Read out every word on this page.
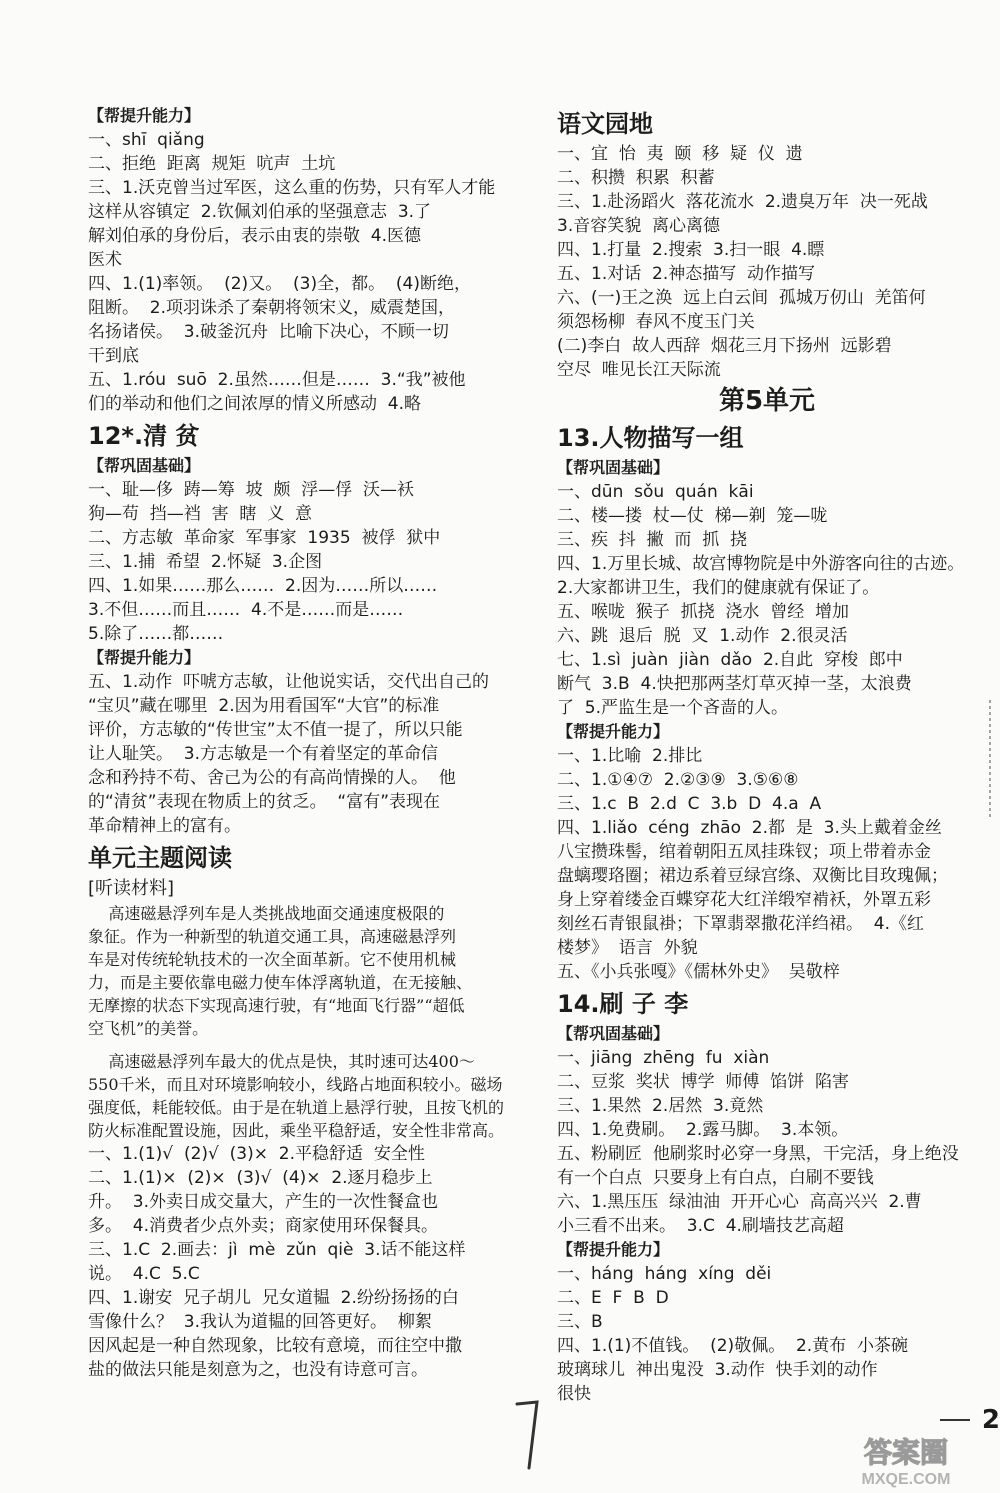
【帮提升能力】
一、shī  qiǎng
二、拒绝  距离  规矩  吭声  土坑
三、1.沃克曾当过军医，这么重的伤势，只有军人才能
这样从容镇定  2.钦佩刘伯承的坚强意志  3.了
解刘伯承的身份后，表示由衷的崇敬  4.医德
医术
四、1.(1)率领。  (2)又。  (3)全，都。  (4)断绝，
阻断。  2.项羽诛杀了秦朝将领宋义，威震楚国，
名扬诸侯。  3.破釜沉舟  比喻下决心，不顾一切
干到底
五、1.róu  suō  2.虽然……但是……  3.“我”被他
们的举动和他们之间浓厚的情义所感动  4.略
12*.清 贫
【帮巩固基础】
一、耻—侈  踌—筹  坡  颇  浮—俘  沃—袄
狗—苟  挡—裆  害  瞎  义  意
二、方志敏  革命家  军事家  1935  被俘  狱中
三、1.捕  希望  2.怀疑  3.企图
四、1.如果……那么……  2.因为……所以……
3.不但……而且……  4.不是……而是……
5.除了……都……
【帮提升能力】
五、1.动作  吓唬方志敏，让他说实话，交代出自己的
“宝贝”藏在哪里  2.因为用看国军“大官”的标准
评价，方志敏的“传世宝”太不值一提了，所以只能
让人耻笑。  3.方志敏是一个有着坚定的革命信
念和矜持不苟、舍己为公的有高尚情操的人。  他
的“清贫”表现在物质上的贫乏。  “富有”表现在
革命精神上的富有。
单元主题阅读
[听读材料]
高速磁悬浮列车是人类挑战地面交通速度极限的
象征。作为一种新型的轨道交通工具，高速磁悬浮列
车是对传统轮轨技术的一次全面革新。它不使用机械
力，而是主要依靠电磁力使车体浮离轨道，在无接触、
无摩擦的状态下实现高速行驶，有“地面飞行器”“超低
空飞机”的美誉。
高速磁悬浮列车最大的优点是快，其时速可达400～
550千米，而且对环境影响较小，线路占地面积较小。磁场
强度低，耗能较低。由于是在轨道上悬浮行驶，且按飞机的
防火标准配置设施，因此，乘坐平稳舒适，安全性非常高。
一、1.(1)√  (2)√  (3)×  2.平稳舒适  安全性
二、1.(1)×  (2)×  (3)√  (4)×  2.逐月稳步上
升。  3.外卖日成交量大，产生的一次性餐盒也
多。  4.消费者少点外卖；商家使用环保餐具。
三、1.C  2.画去：jì  mè  zǔn  qiè  3.话不能这样
说。  4.C  5.C
四、1.谢安  兄子胡儿  兄女道韫  2.纷纷扬扬的白
雪像什么？  3.我认为道韫的回答更好。  柳絮
因风起是一种自然现象，比较有意境，而往空中撒
盐的做法只能是刻意为之，也没有诗意可言。
语文园地
一、宜  怡  夷  颐  移  疑  仪  遗
二、积攒  积累  积蓄
三、1.赴汤蹈火  落花流水  2.遗臭万年  决一死战
3.音容笑貌  离心离德
四、1.打量  2.搜索  3.扫一眼  4.瞟
五、1.对话  2.神态描写  动作描写
六、(一)王之涣  远上白云间  孤城万仞山  羌笛何
须怨杨柳  春风不度玉门关
(二)李白  故人西辞  烟花三月下扬州  远影碧
空尽  唯见长江天际流
第5单元
13.人物描写一组
【帮巩固基础】
一、dūn  sǒu  quán  kāi
二、楼—搂  杖—仗  梯—剃  笼—咙
三、疾  抖  撇  而  抓  挠
四、1.万里长城、故宫博物院是中外游客向往的古迹。
2.大家都讲卫生，我们的健康就有保证了。
五、喉咙  猴子  抓挠  浇水  曾经  增加
六、跳  退后  脱  叉  1.动作  2.很灵活
七、1.sì  juàn  jiàn  dǎo  2.自此  穿梭  郎中
断气  3.B  4.快把那两茎灯草灭掉一茎，太浪费
了  5.严监生是一个吝啬的人。
【帮提升能力】
一、1.比喻  2.排比
二、1.①④⑦  2.②③⑨  3.⑤⑥⑧
三、1.c  B  2.d  C  3.b  D  4.a  A
四、1.liǎo  céng  zhāo  2.都  是  3.头上戴着金丝
八宝攒珠髻，绾着朝阳五凤挂珠钗；项上带着赤金
盘螭璎珞圈；裙边系着豆绿宫绦、双衡比目玫瑰佩；
身上穿着缕金百蝶穿花大红洋缎窄褃袄，外罩五彩
刻丝石青银鼠褂；下罩翡翠撒花洋绉裙。  4.《红
楼梦》  语言  外貌
五、《小兵张嘎》《儒林外史》  吴敬梓
14.刷 子 李
【帮巩固基础】
一、jiāng  zhēng  fu  xiàn
二、豆浆  奖状  博学  师傅  馅饼  陷害
三、1.果然  2.居然  3.竟然
四、1.免费刷。  2.露马脚。  3.本领。
五、粉刷匠  他刷浆时必穿一身黑，干完活，身上绝没
有一个白点  只要身上有白点，白刷不要钱
六、1.黑压压  绿油油  开开心心  高高兴兴  2.曹
小三看不出来。  3.C  4.刷墙技艺高超
【帮提升能力】
一、háng  háng  xíng  děi
二、E  F  B  D
三、B
四、1.(1)不值钱。  (2)敬佩。  2.黄布  小茶碗
玻璃球儿  神出鬼没  3.动作  快手刘的动作
很快
2
答案圈
MXQE.COM
